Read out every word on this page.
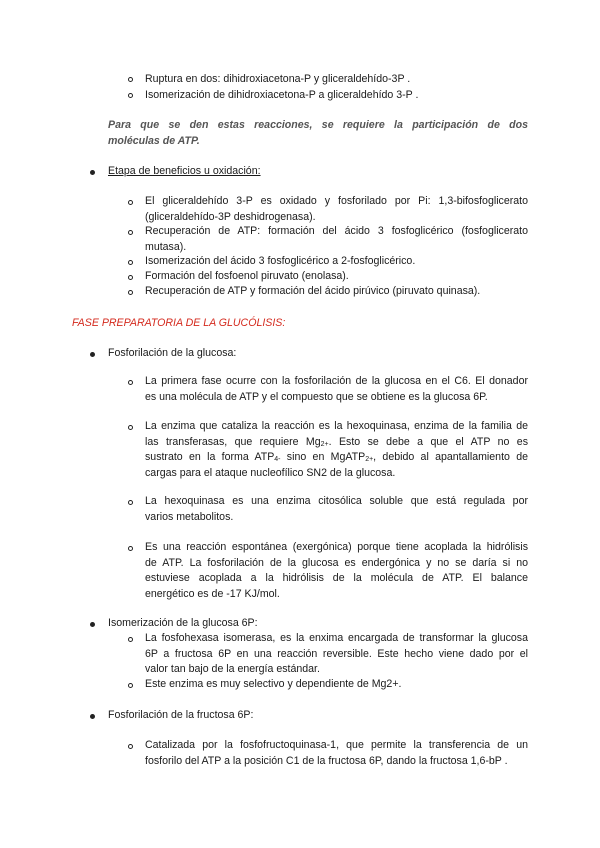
Ruptura en dos: dihidroxiacetona-P y gliceraldehído-3P .
Isomerización de dihidroxiacetona-P a gliceraldehído 3-P .
Para que se den estas reacciones, se requiere la participación de dos
moléculas de ATP.
Etapa de beneficios u oxidación:
El gliceraldehído 3-P es oxidado y fosforilado por Pi: 1,3-bifosfoglicerato
(gliceraldehído-3P deshidrogenasa).
Recuperación de ATP: formación del ácido 3 fosfoglicérico (fosfoglicerato
mutasa).
Isomerización del ácido 3 fosfoglicérico a 2-fosfoglicérico.
Formación del fosfoenol piruvato (enolasa).
Recuperación de ATP y formación del ácido pirúvico (piruvato quinasa).
FASE PREPARATORIA DE LA GLUCÓLISIS:
Fosforilación de la glucosa:
La primera fase ocurre con la fosforilación de la glucosa en el C6. El donador
es una molécula de ATP y el compuesto que se obtiene es la glucosa 6P.
La enzima que cataliza la reacción es la hexoquinasa, enzima de la familia de
las transferasas, que requiere $Mg_{2+}$. Esto se debe a que el ATP no es
sustrato en la forma $ATP_{4-}$ sino en MgATP$_{2+}$, debido al apantallamiento de
cargas para el ataque nucleofílico SN2 de la glucosa.
La hexoquinasa es una enzima citosólica soluble que está regulada por
varios metabolitos.
Es una reacción espontánea (exergónica) porque tiene acoplada la hidrólisis
de ATP. La fosforilación de la glucosa es endergónica y no se daría si no
estuviese acoplada a la hidrólisis de la molécula de ATP. El balance
energético es de -17 KJ/mol.
Isomerización de la glucosa 6P:
La fosfohexasa isomerasa, es la enxima encargada de transformar la glucosa
6P a fructosa 6P en una reacción reversible. Este hecho viene dado por el
valor tan bajo de la energía estándar.
Este enzima es muy selectivo y dependiente de Mg2+.
Fosforilación de la fructosa 6P:
Catalizada por la fosfofructoquinasa-1, que permite la transferencia de un
fosforilo del ATP a la posición C1 de la fructosa 6P, dando la fructosa 1,6-bP .
